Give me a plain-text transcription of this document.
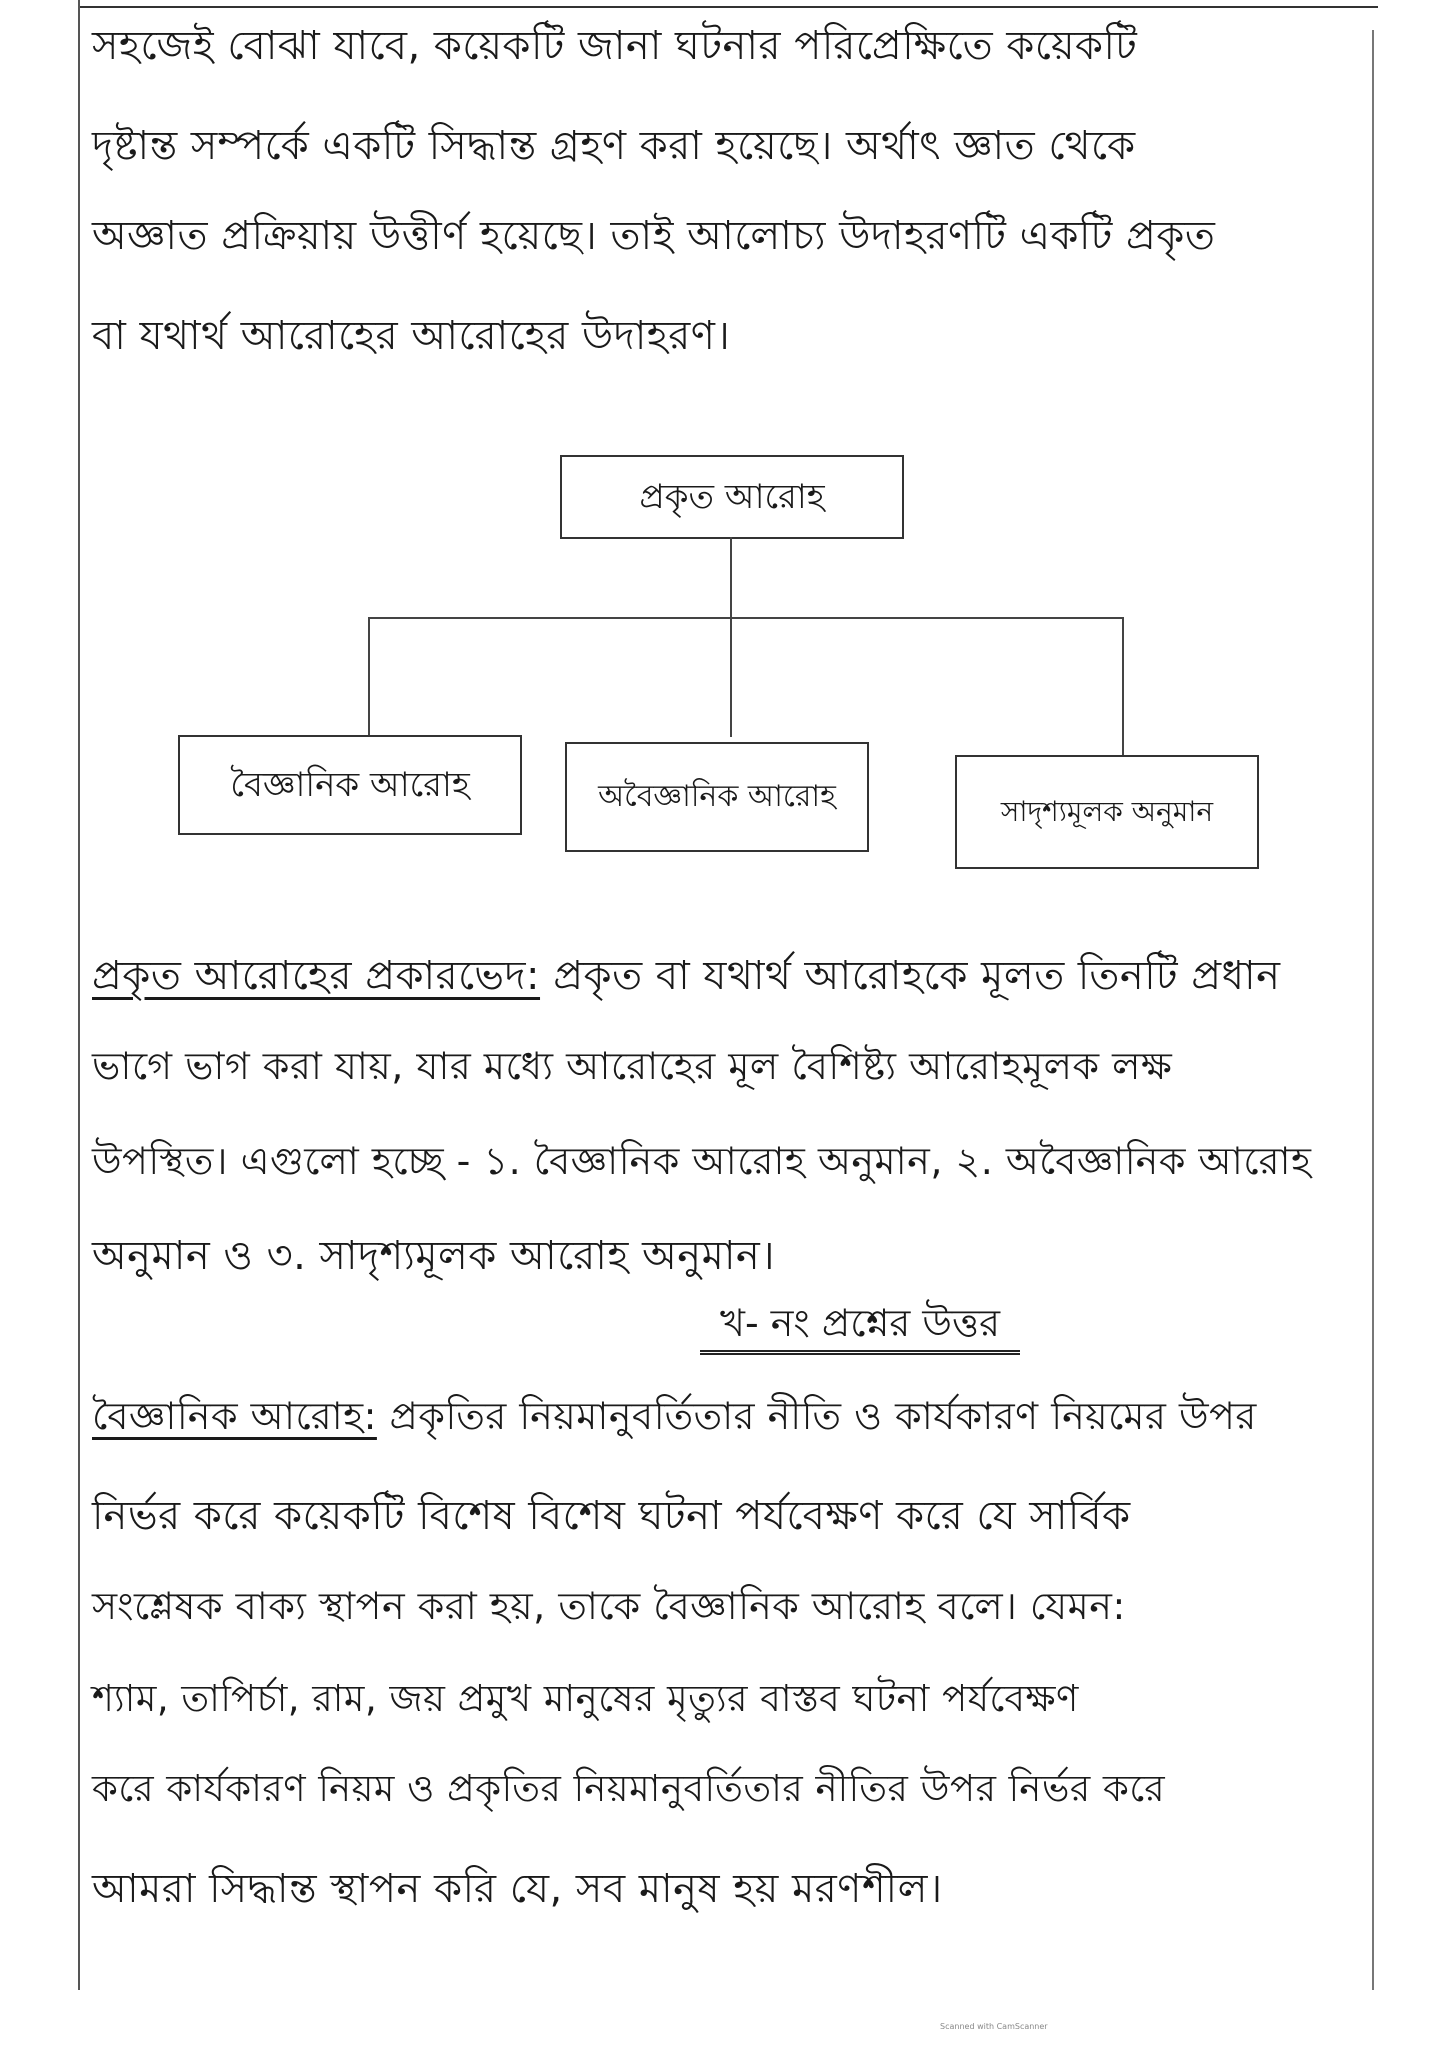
সহজেই বোঝা যাবে, কয়েকটি জানা ঘটনার পরিপ্রেক্ষিতে কয়েকটি
দৃষ্টান্ত সম্পর্কে একটি সিদ্ধান্ত গ্রহণ করা হয়েছে। অর্থাৎ জ্ঞাত থেকে
অজ্ঞাত প্রক্রিয়ায় উত্তীর্ণ হয়েছে। তাই আলোচ্য উদাহরণটি একটি প্রকৃত
বা যথার্থ আরোহের আরোহের উদাহরণ।
প্রকৃত আরোহ
বৈজ্ঞানিক আরোহ	অবৈজ্ঞানিক আরোহ	সাদৃশ্যমূলক অনুমান
প্রকৃত আরোহের প্রকারভেদ: প্রকৃত বা যথার্থ আরোহকে মূলত তিনটি প্রধান
ভাগে ভাগ করা যায়, যার মধ্যে আরোহের মূল বৈশিষ্ট্য আরোহমূলক লক্ষ
উপস্থিত। এগুলো হচ্ছে - ১. বৈজ্ঞানিক আরোহ অনুমান, ২. অবৈজ্ঞানিক আরোহ
অনুমান ও ৩. সাদৃশ্যমূলক আরোহ অনুমান।
খ- নং প্রশ্নের উত্তর
বৈজ্ঞানিক আরোহ: প্রকৃতির নিয়মানুবর্তিতার নীতি ও কার্যকারণ নিয়মের উপর
নির্ভর করে কয়েকটি বিশেষ বিশেষ ঘটনা পর্যবেক্ষণ করে যে সার্বিক
সংশ্লেষক বাক্য স্থাপন করা হয়, তাকে বৈজ্ঞানিক আরোহ বলে। যেমন:
শ্যাম, তাপির্চা, রাম, জয় প্রমুখ মানুষের মৃত্যুর বাস্তব ঘটনা পর্যবেক্ষণ
করে কার্যকারণ নিয়ম ও প্রকৃতির নিয়মানুবর্তিতার নীতির উপর নির্ভর করে
আমরা সিদ্ধান্ত স্থাপন করি যে, সব মানুষ হয় মরণশীল।
Scanned with CamScanner
